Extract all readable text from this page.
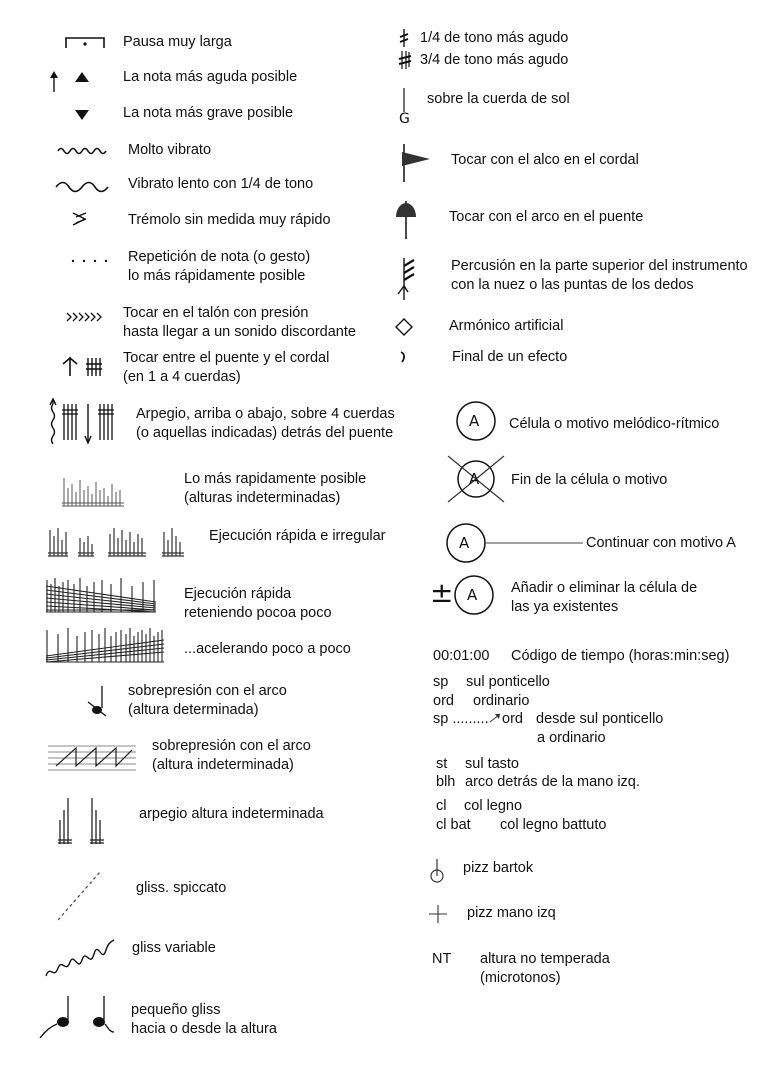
Pausa muy larga
La nota más aguda posible
La nota más grave posible
Molto vibrato
Vibrato lento con 1/4 de tono
Trémolo sin medida muy rápido
Repetición de nota (o gesto)
lo más rápidamente posible
Tocar en el talón con presión
hasta llegar a un sonido discordante
Tocar entre el puente y el cordal
(en 1 a 4 cuerdas)
Arpegio, arriba o abajo, sobre 4 cuerdas
(o aquellas indicadas) detrás del puente
Lo más rapidamente posible
(alturas indeterminadas)
Ejecución rápida e irregular
Ejecución rápida
reteniendo pocoa poco
...acelerando poco a poco
sobrepresión con el arco
(altura determinada)
sobrepresión con el arco
(altura indeterminada)
arpegio altura indeterminada
gliss. spiccato
gliss variable
pequeño gliss
hacia o desde la altura
1/4 de tono más agudo
3/4 de tono más agudo
G
sobre la cuerda de sol
Tocar con el alco en el cordal
Tocar con el arco en el puente
Percusión en la parte superior del instrumento
con la nuez o las puntas de los dedos
Armónico artificial
Final de un efecto
A Célula o motivo melódico-rítmico
A Fin de la célula o motivo
A	Continuar con motivo A
± A Añadir o eliminar la célula de
las ya existentes
00:01:00 Código de tiempo (horas:min:seg)
sp sul ponticello
ord ordinario
sp ......... ord desde sul ponticello
a ordinario
st sul tasto
blh arco detrás de la mano izq.
cl col legno
cl bat col legno battuto
pizz bartok
pizz mano izq
NT altura no temperada
(microtonos)
